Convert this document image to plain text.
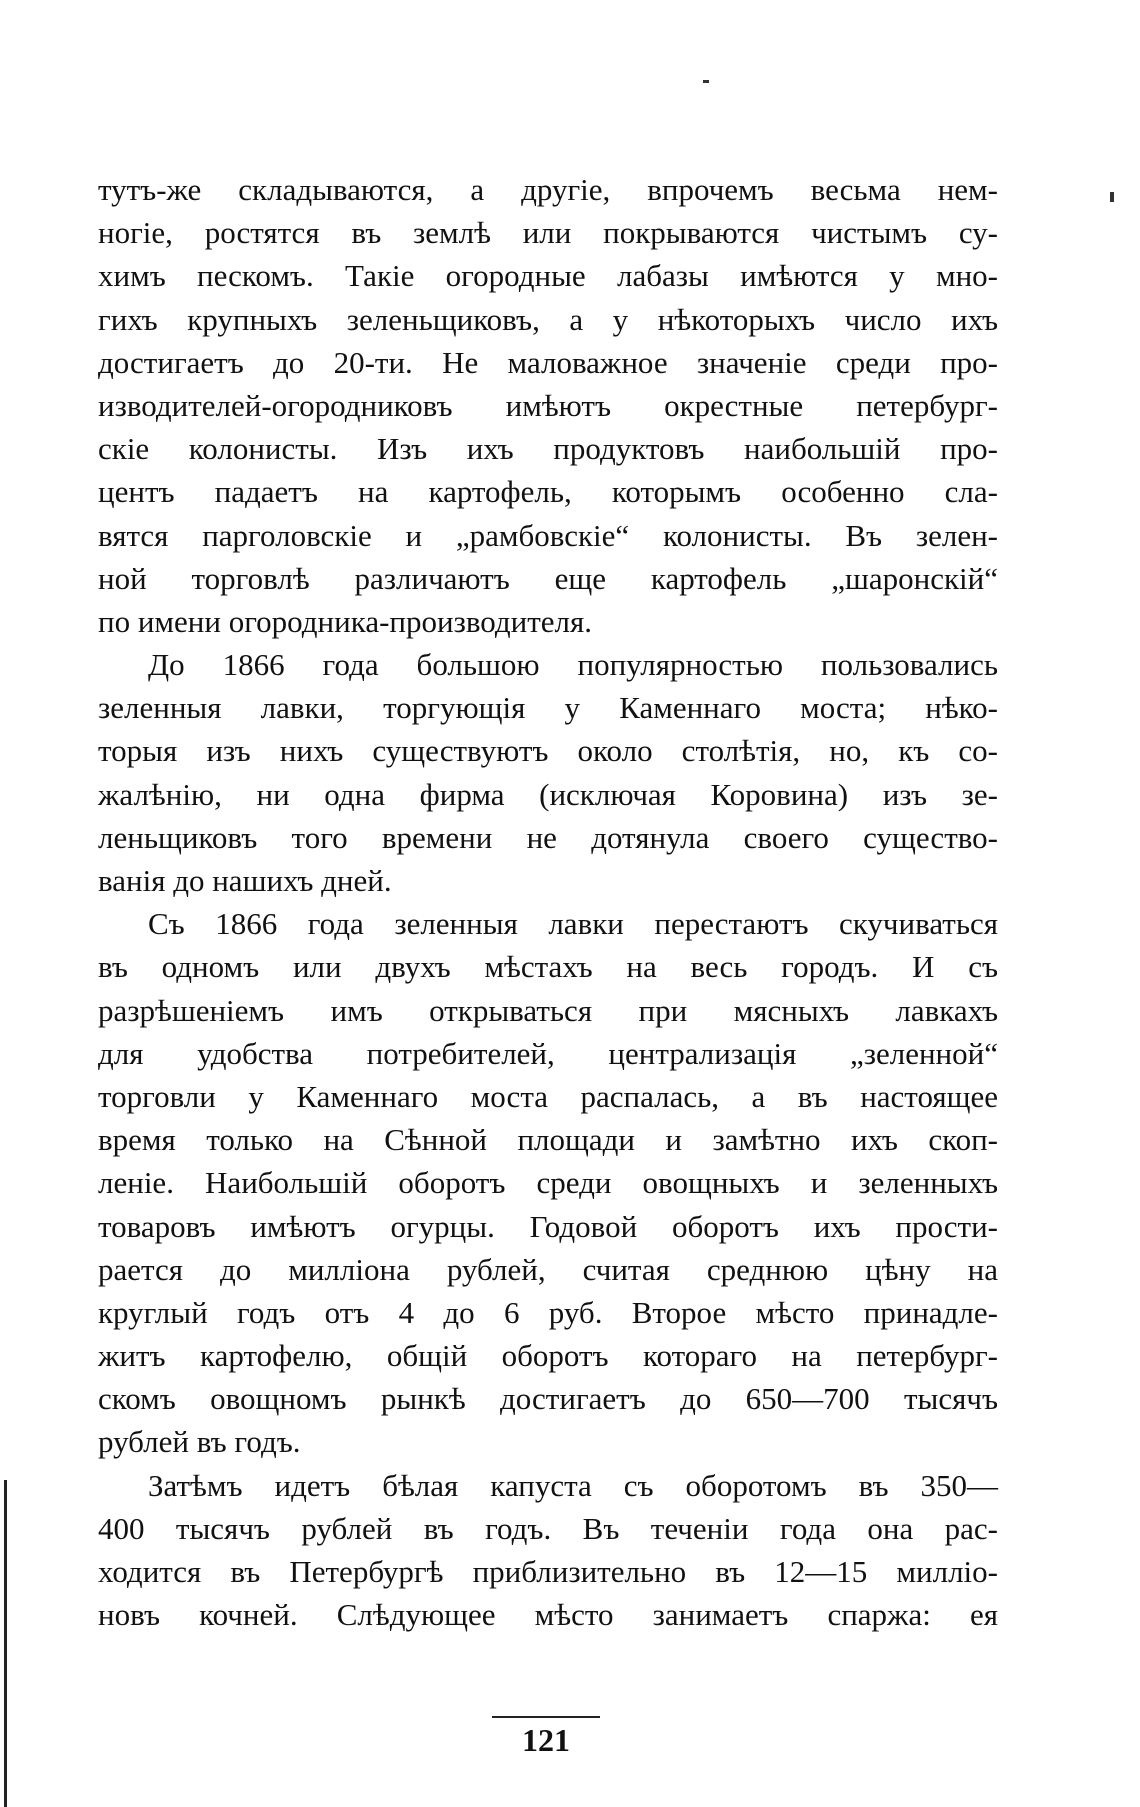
тутъ-же складываются, а другіе, впрочемъ весьма нем-
ногіе, ростятся въ землѣ или покрываются чистымъ су-
химъ пескомъ. Такіе огородные лабазы имѣются у мно-
гихъ крупныхъ зеленьщиковъ, а у нѣкоторыхъ число ихъ
достигаетъ до 20-ти. Не маловажное значеніе среди про-
изводителей-огородниковъ имѣютъ окрестные петербург-
скіе колонисты. Изъ ихъ продуктовъ наибольшій про-
центъ падаетъ на картофель, которымъ особенно сла-
вятся парголовскіе и „рамбовскіе“ колонисты. Въ зелен-
ной торговлѣ различаютъ еще картофель „шаронскій“
по имени огородника-производителя.
До 1866 года большою популярностью пользовались
зеленныя лавки, торгующія у Каменнаго моста; нѣко-
торыя изъ нихъ существуютъ около столѣтія, но, къ со-
жалѣнію, ни одна фирма (исключая Коровина) изъ зе-
леньщиковъ того времени не дотянула своего существо-
ванія до нашихъ дней.
Съ 1866 года зеленныя лавки перестаютъ скучиваться
въ одномъ или двухъ мѣстахъ на весь городъ. И съ
разрѣшеніемъ имъ открываться при мясныхъ лавкахъ
для удобства потребителей, централизація „зеленной“
торговли у Каменнаго моста распалась, а въ настоящее
время только на Сѣнной площади и замѣтно ихъ скоп-
леніе. Наибольшій оборотъ среди овощныхъ и зеленныхъ
товаровъ имѣютъ огурцы. Годовой оборотъ ихъ прости-
рается до милліона рублей, считая среднюю цѣну на
круглый годъ отъ 4 до 6 руб. Второе мѣсто принадле-
житъ картофелю, общій оборотъ котораго на петербург-
скомъ овощномъ рынкѣ достигаетъ до 650—700 тысячъ
рублей въ годъ.
Затѣмъ идетъ бѣлая капуста съ оборотомъ въ 350—
400 тысячъ рублей въ годъ. Въ теченіи года она рас-
ходится въ Петербургѣ приблизительно въ 12—15 милліо-
новъ кочней. Слѣдующее мѣсто занимаетъ спаржа: ея
121
